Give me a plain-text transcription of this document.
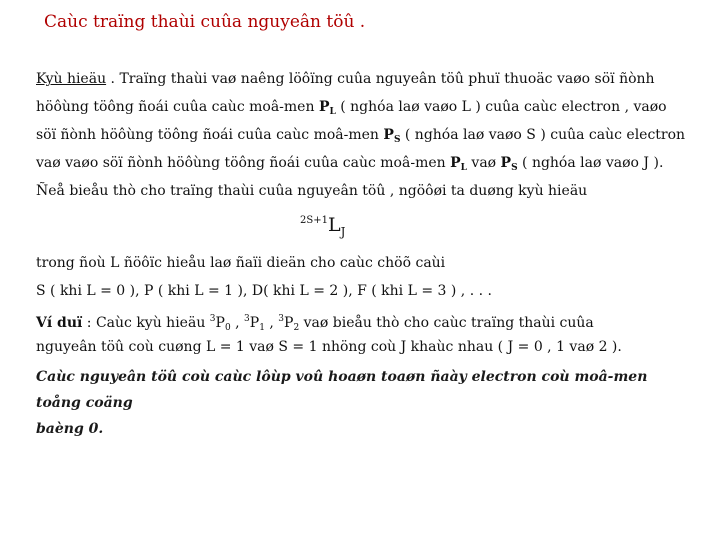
Caùc traïng thaùi cuûa nguyeân töû .
Kyù hieäu . Traïng thaùi vaø naêng löôïng cuûa nguyeân töû phuï thuoäc vaøo söï ñònh
höôùng töông ñoái cuûa caùc moâ-men $P_L$ ( nghóa laø vaøo L ) cuûa caùc electron , vaøo
söï ñònh höôùng töông ñoái cuûa caùc moâ-men $P_S$ ( nghóa laø vaøo S ) cuûa caùc electron
vaø vaøo söï ñònh höôùng töông ñoái cuûa caùc moâ-men $P_L$ vaø $P_S$ ( nghóa laø vaøo J ).
Ñeå bieåu thò cho traïng thaùi cuûa nguyeân töû , ngöôøi ta duøng kyù hieäu
$^{2S+1}L_J$
trong ñoù L ñöôïc hieåu laø ñaïi dieän cho caùc chöõ caùi
S ( khi L = 0 ), P ( khi L = 1 ), D( khi L = 2 ), F ( khi L = 3 ) , . . .
Ví duï : Caùc kyù hieäu $^3P_0$ , $^3P_1$ , $^3P_2$ vaø bieåu thò cho caùc traïng thaùi cuûa
nguyeân töû coù cuøng L = 1 vaø S = 1 nhöng coù J khaùc nhau ( J = 0 , 1 vaø 2 ).
Caùc nguyeân töû coù caùc lôùp voû hoaøn toaøn ñaày electron coù moâ-men toång coäng
baèng 0.
